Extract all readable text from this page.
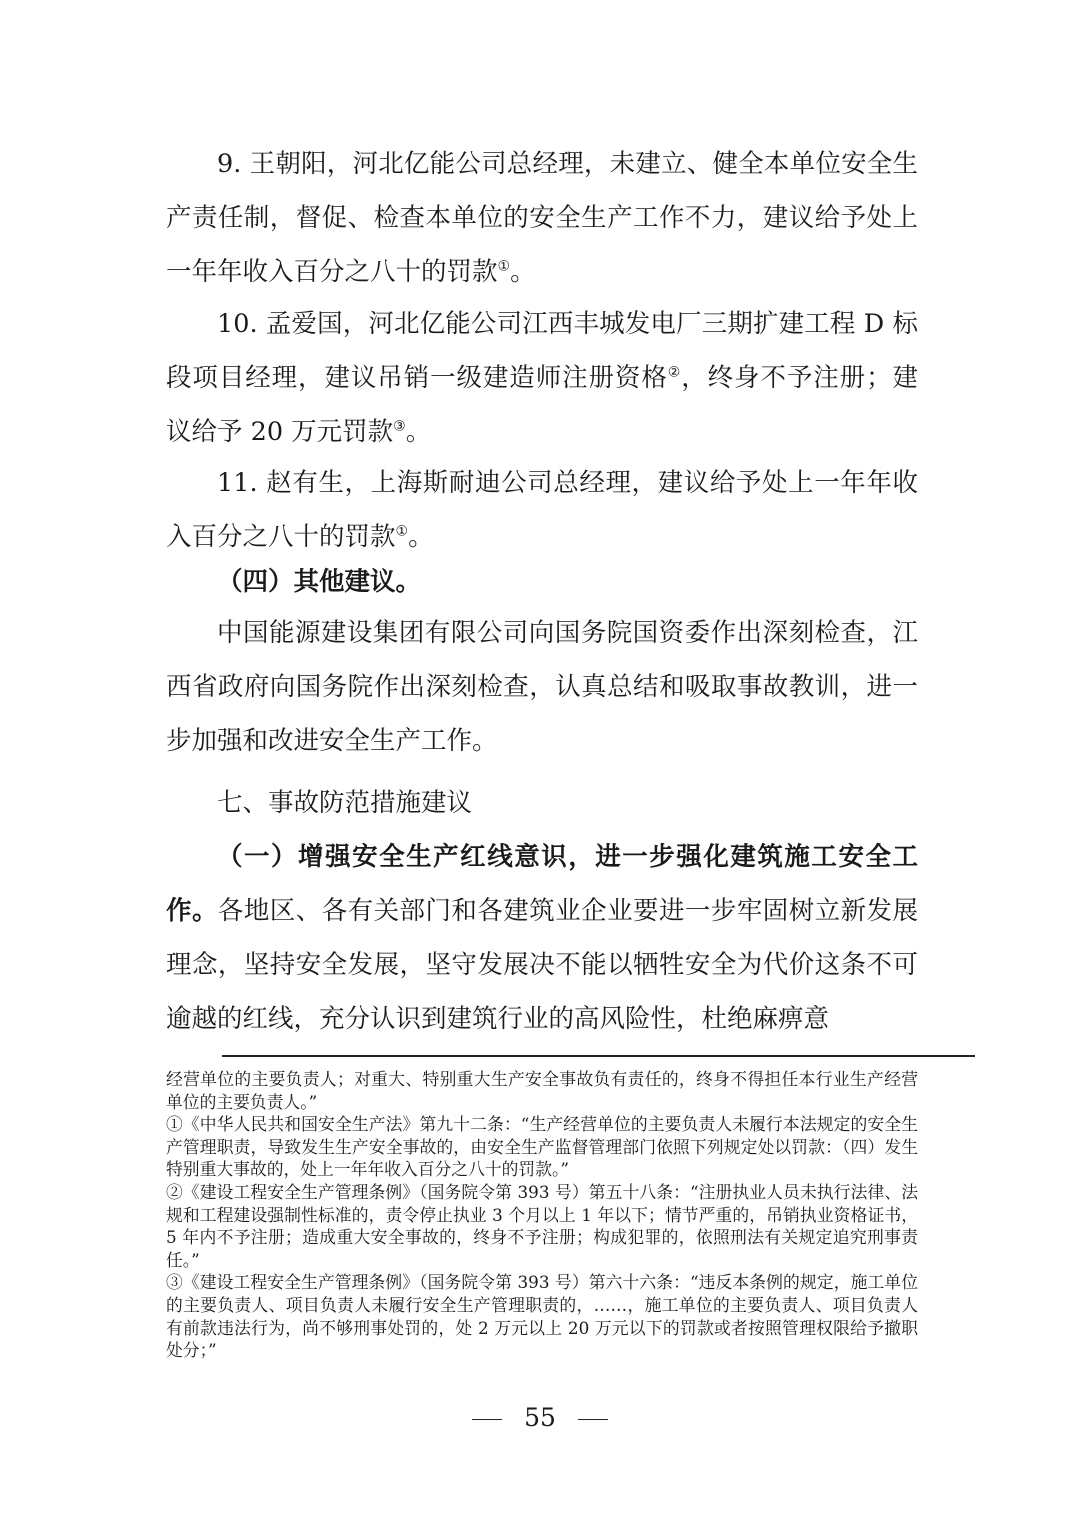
9. 王朝阳，河北亿能公司总经理，未建立、健全本单位安全生产责任制，督促、检查本单位的安全生产工作不力，建议给予处上一年年收入百分之八十的罚款①。

10. 孟爱国，河北亿能公司江西丰城发电厂三期扩建工程 D 标段项目经理，建议吊销一级建造师注册资格②，终身不予注册；建议给予 20 万元罚款③。

11. 赵有生，上海斯耐迪公司总经理，建议给予处上一年年收入百分之八十的罚款①。

（四）其他建议。

中国能源建设集团有限公司向国务院国资委作出深刻检查，江西省政府向国务院作出深刻检查，认真总结和吸取事故教训，进一步加强和改进安全生产工作。

七、事故防范措施建议

（一）增强安全生产红线意识，进一步强化建筑施工安全工作。各地区、各有关部门和各建筑业企业要进一步牢固树立新发展理念，坚持安全发展，坚守发展决不能以牺牲安全为代价这条不可逾越的红线，充分认识到建筑行业的高风险性，杜绝麻痹意

经营单位的主要负责人；对重大、特别重大生产安全事故负有责任的，终身不得担任本行业生产经营单位的主要负责人。”

①《中华人民共和国安全生产法》第九十二条：“生产经营单位的主要负责人未履行本法规定的安全生产管理职责，导致发生生产安全事故的，由安全生产监督管理部门依照下列规定处以罚款：（四）发生特别重大事故的，处上一年年收入百分之八十的罚款。”

②《建设工程安全生产管理条例》（国务院令第 393 号）第五十八条：“注册执业人员未执行法律、法规和工程建设强制性标准的，责令停止执业 3 个月以上 1 年以下；情节严重的，吊销执业资格证书，5 年内不予注册；造成重大安全事故的，终身不予注册；构成犯罪的，依照刑法有关规定追究刑事责任。”

③《建设工程安全生产管理条例》（国务院令第 393 号）第六十六条：“违反本条例的规定，施工单位的主要负责人、项目负责人未履行安全生产管理职责的，……，施工单位的主要负责人、项目负责人有前款违法行为，尚不够刑事处罚的，处 2 万元以上 20 万元以下的罚款或者按照管理权限给予撤职处分；”

55
